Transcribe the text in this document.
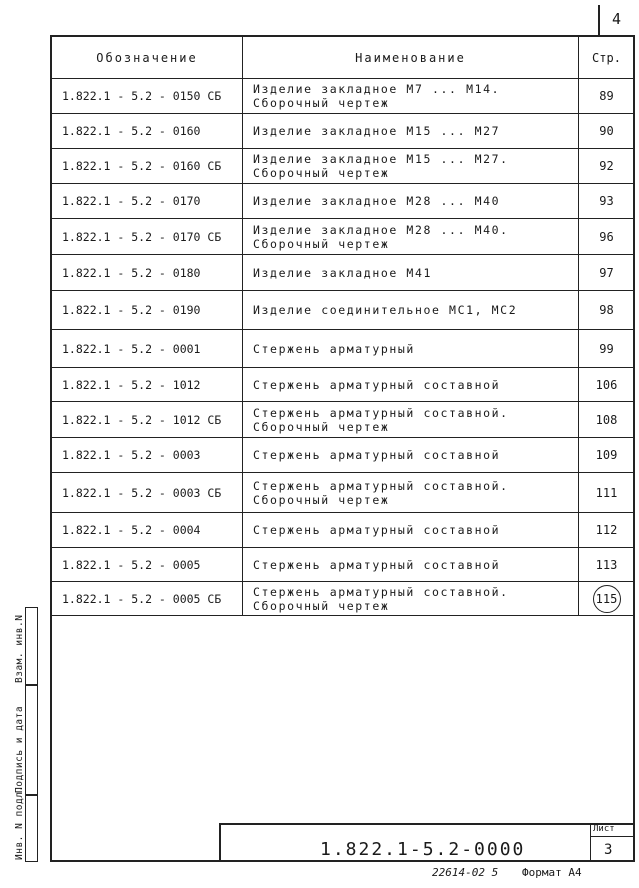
4
Обозначение	Наименование	Стр.
1.822.1 - 5.2 - 0150 СБ	Изделие закладное М7 ... М14. Сборочный чертеж	89
1.822.1 - 5.2 - 0160	Изделие закладное М15 ... М27	90
1.822.1 - 5.2 - 0160 СБ	Изделие закладное М15 ... М27. Сборочный чертеж	92
1.822.1 - 5.2 - 0170	Изделие закладное М28 ... М40	93
1.822.1 - 5.2 - 0170 СБ	Изделие закладное М28 ... М40. Сборочный чертеж	96
1.822.1 - 5.2 - 0180	Изделие закладное М41	97
1.822.1 - 5.2 - 0190	Изделие соединительное МС1, МС2	98
1.822.1 - 5.2 - 0001	Стержень арматурный	99
1.822.1 - 5.2 - 1012	Стержень арматурный составной	106
1.822.1 - 5.2 - 1012 СБ	Стержень арматурный составной. Сборочный чертеж	108
1.822.1 - 5.2 - 0003	Стержень арматурный составной	109
1.822.1 - 5.2 - 0003 СБ	Стержень арматурный составной. Сборочный чертеж	111
1.822.1 - 5.2 - 0004	Стержень арматурный составной	112
1.822.1 - 5.2 - 0005	Стержень арматурный составной	113
1.822.1 - 5.2 - 0005 СБ	Стержень арматурный составной. Сборочный чертеж	115
Взам. инв.N
Подпись и дата
Инв. N подл.	1.822.1-5.2-0000
Лист
3
22614-02 5 Формат А4
